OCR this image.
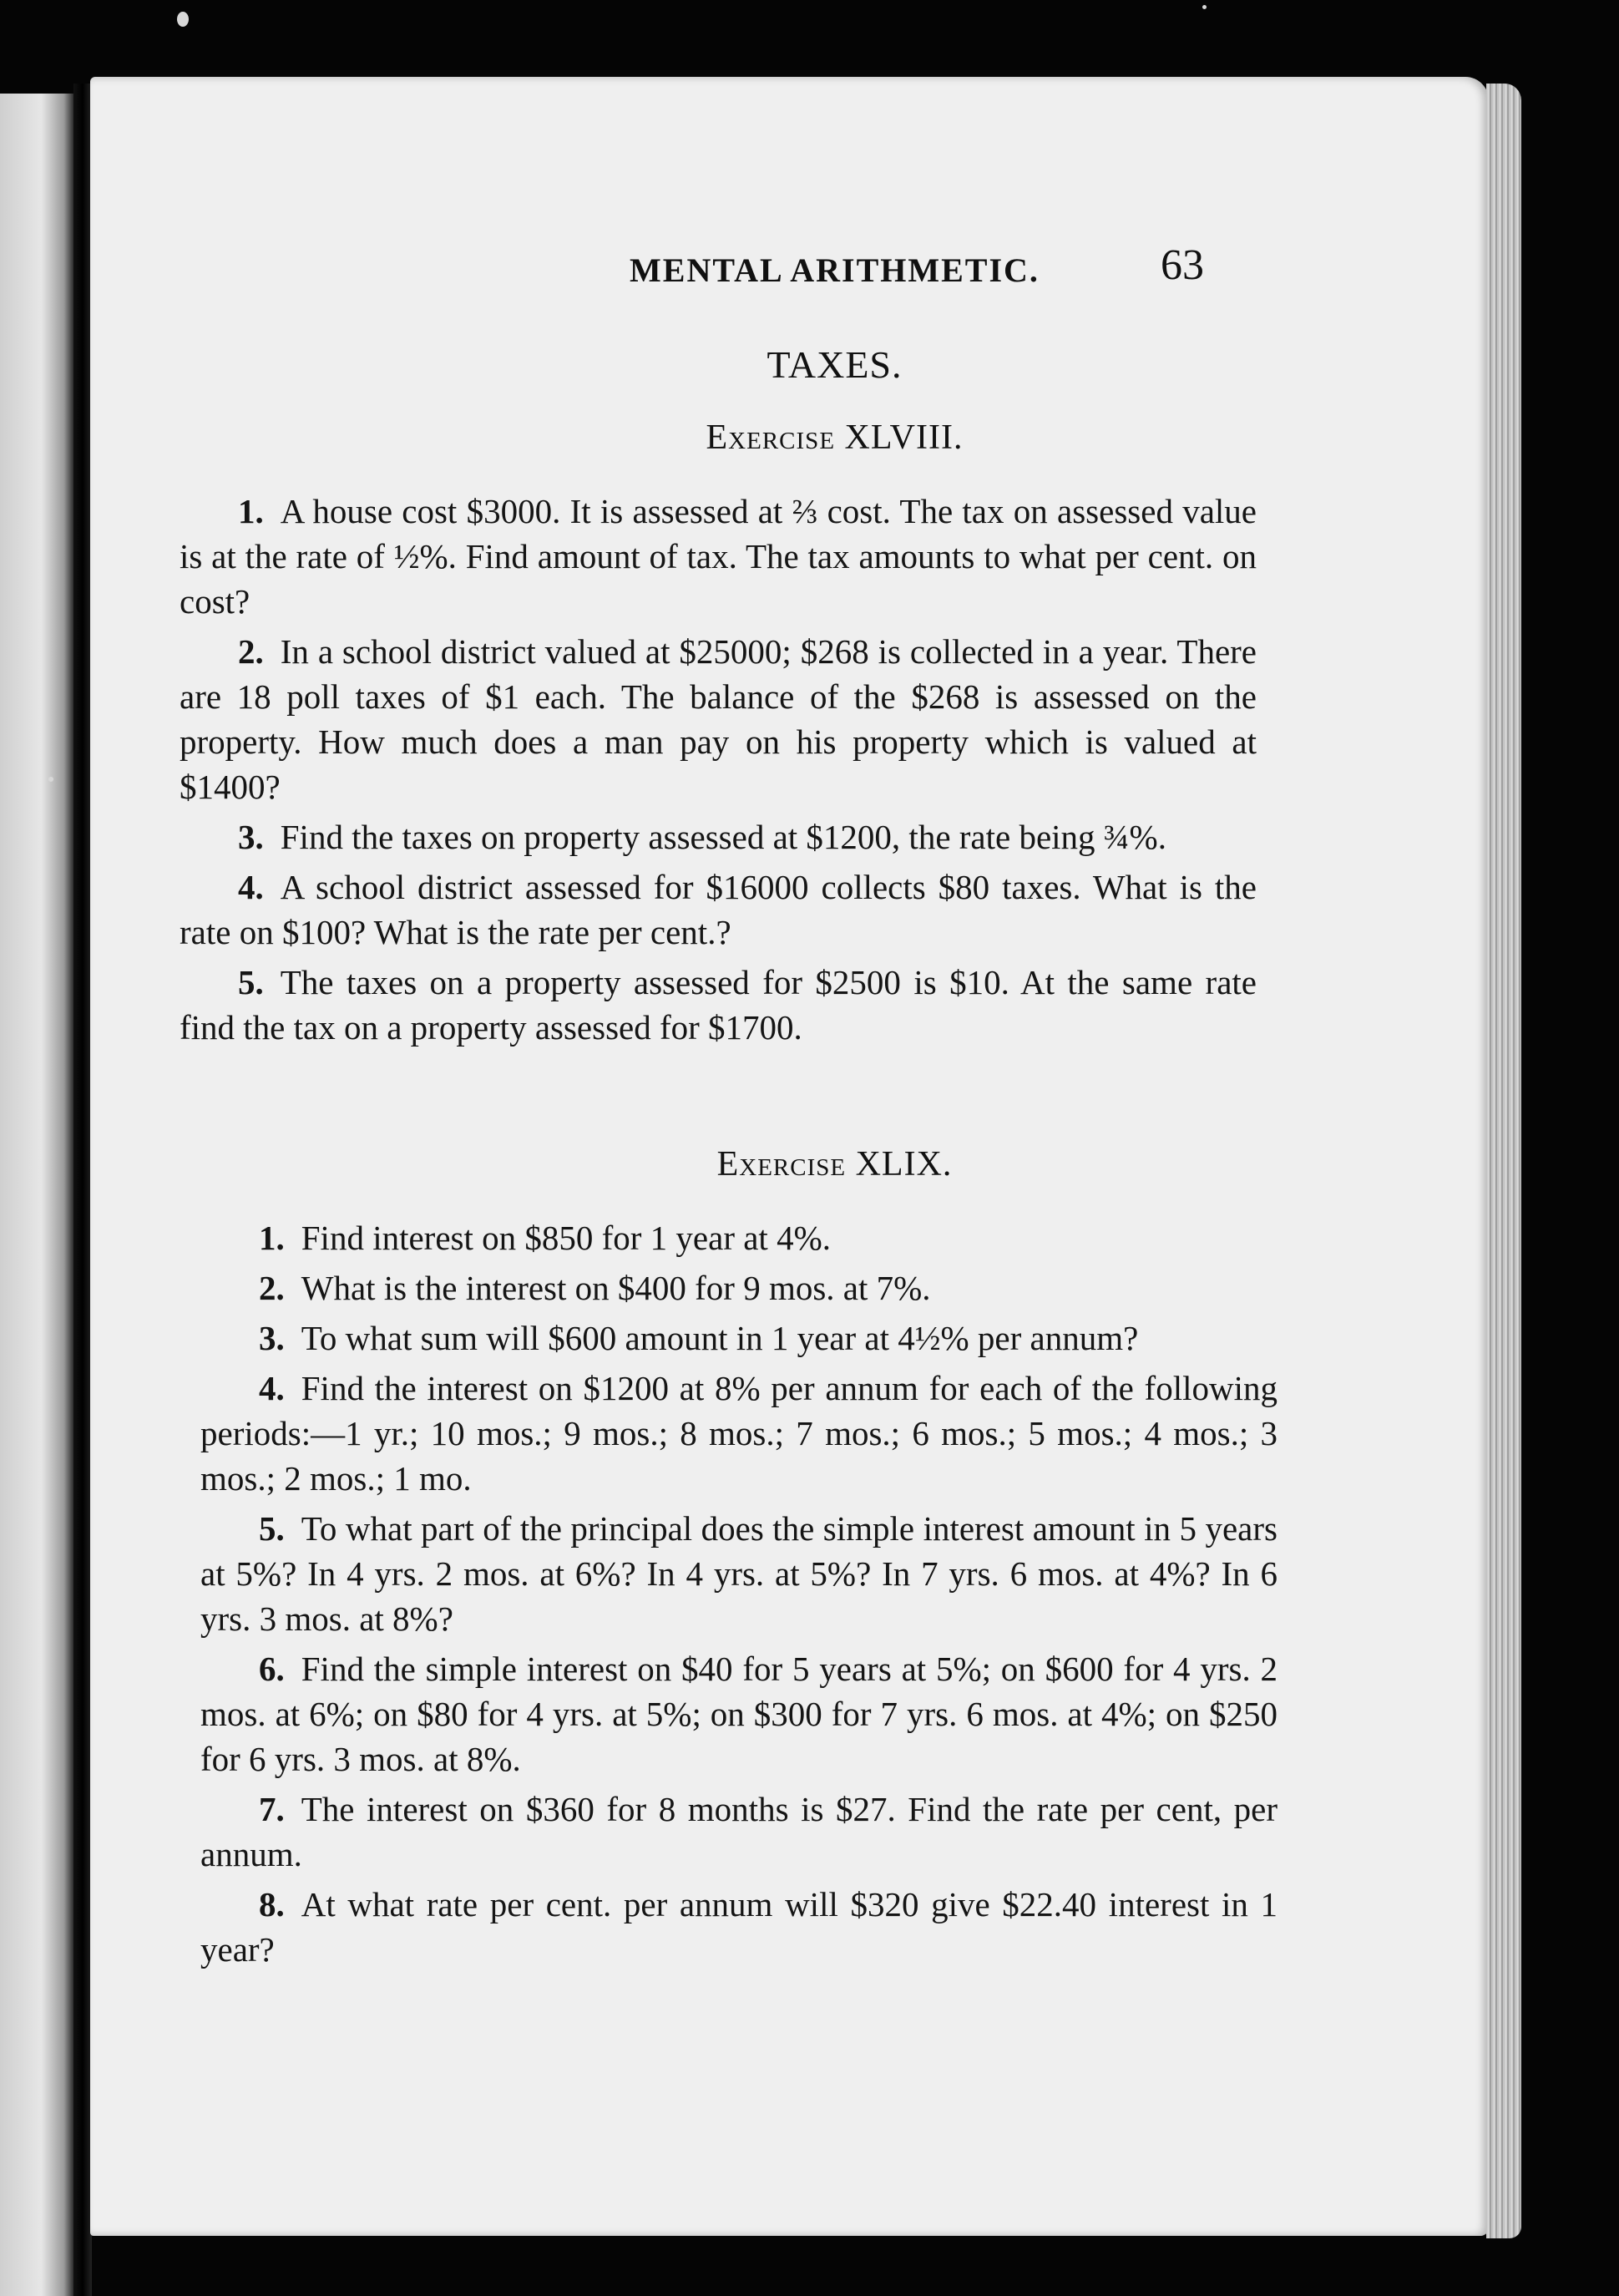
MENTAL ARITHMETIC.	63
TAXES.
Exercise XLVIII.

1. A house cost $3000. It is assessed at ⅔ cost. The tax on assessed value is at the rate of ½%. Find amount of tax. The tax amounts to what per cent. on cost?

2. In a school district valued at $25000; $268 is collected in a year. There are 18 poll taxes of $1 each. The balance of the $268 is assessed on the property. How much does a man pay on his property which is valued at $1400?

3. Find the taxes on property assessed at $1200, the rate being ¾%.

4. A school district assessed for $16000 collects $80 taxes. What is the rate on $100? What is the rate per cent.?

5. The taxes on a property assessed for $2500 is $10. At the same rate find the tax on a property assessed for $1700.

Exercise XLIX.

1. Find interest on $850 for 1 year at 4%.

2. What is the interest on $400 for 9 mos. at 7%.

3. To what sum will $600 amount in 1 year at 4½% per annum?

4. Find the interest on $1200 at 8% per annum for each of the following periods:—1 yr.; 10 mos.; 9 mos.; 8 mos.; 7 mos.; 6 mos.; 5 mos.; 4 mos.; 3 mos.; 2 mos.; 1 mo.

5. To what part of the principal does the simple interest amount in 5 years at 5%? In 4 yrs. 2 mos. at 6%? In 4 yrs. at 5%? In 7 yrs. 6 mos. at 4%? In 6 yrs. 3 mos. at 8%?

6. Find the simple interest on $40 for 5 years at 5%; on $600 for 4 yrs. 2 mos. at 6%; on $80 for 4 yrs. at 5%; on $300 for 7 yrs. 6 mos. at 4%; on $250 for 6 yrs. 3 mos. at 8%.

7. The interest on $360 for 8 months is $27. Find the rate per cent, per annum.

8. At what rate per cent. per annum will $320 give $22.40 interest in 1 year?
